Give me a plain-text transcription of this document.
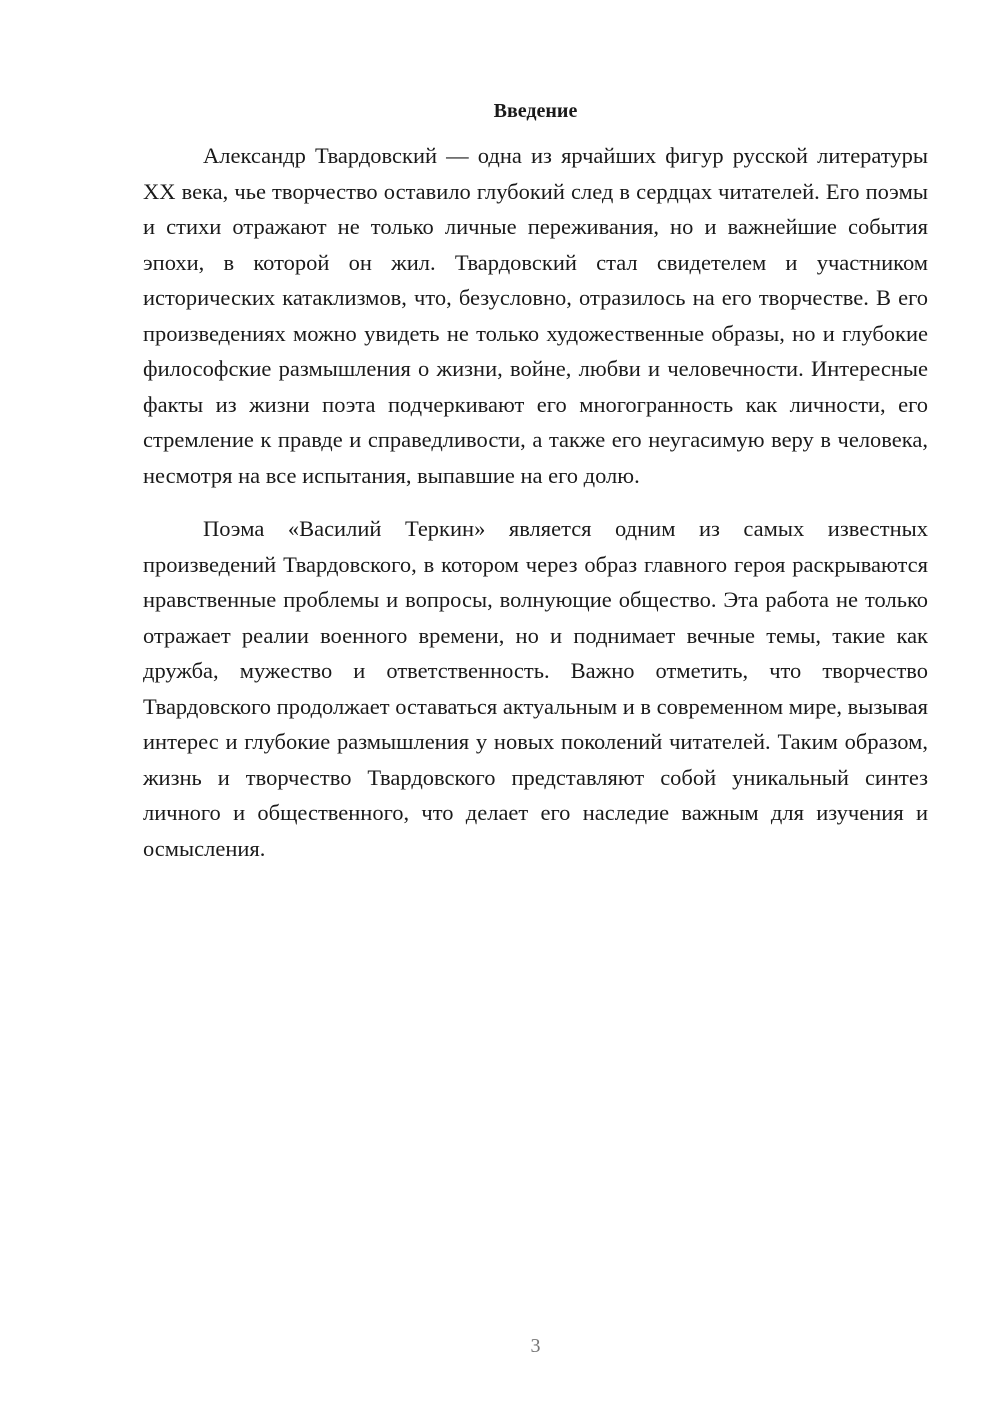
Введение

Александр Твардовский — одна из ярчайших фигур русской литературы XX века, чье творчество оставило глубокий след в сердцах читателей. Его поэмы и стихи отражают не только личные переживания, но и важнейшие события эпохи, в которой он жил. Твардовский стал свидетелем и участником исторических катаклизмов, что, безусловно, отразилось на его творчестве. В его произведениях можно увидеть не только художественные образы, но и глубокие философские размышления о жизни, войне, любви и человечности. Интересные факты из жизни поэта подчеркивают его многогранность как личности, его стремление к правде и справедливости, а также его неугасимую веру в человека, несмотря на все испытания, выпавшие на его долю.

Поэма «Василий Теркин» является одним из самых известных произведений Твардовского, в котором через образ главного героя раскрываются нравственные проблемы и вопросы, волнующие общество. Эта работа не только отражает реалии военного времени, но и поднимает вечные темы, такие как дружба, мужество и ответственность. Важно отметить, что творчество Твардовского продолжает оставаться актуальным и в современном мире, вызывая интерес и глубокие размышления у новых поколений читателей. Таким образом, жизнь и творчество Твардовского представляют собой уникальный синтез личного и общественного, что делает его наследие важным для изучения и осмысления.

3
